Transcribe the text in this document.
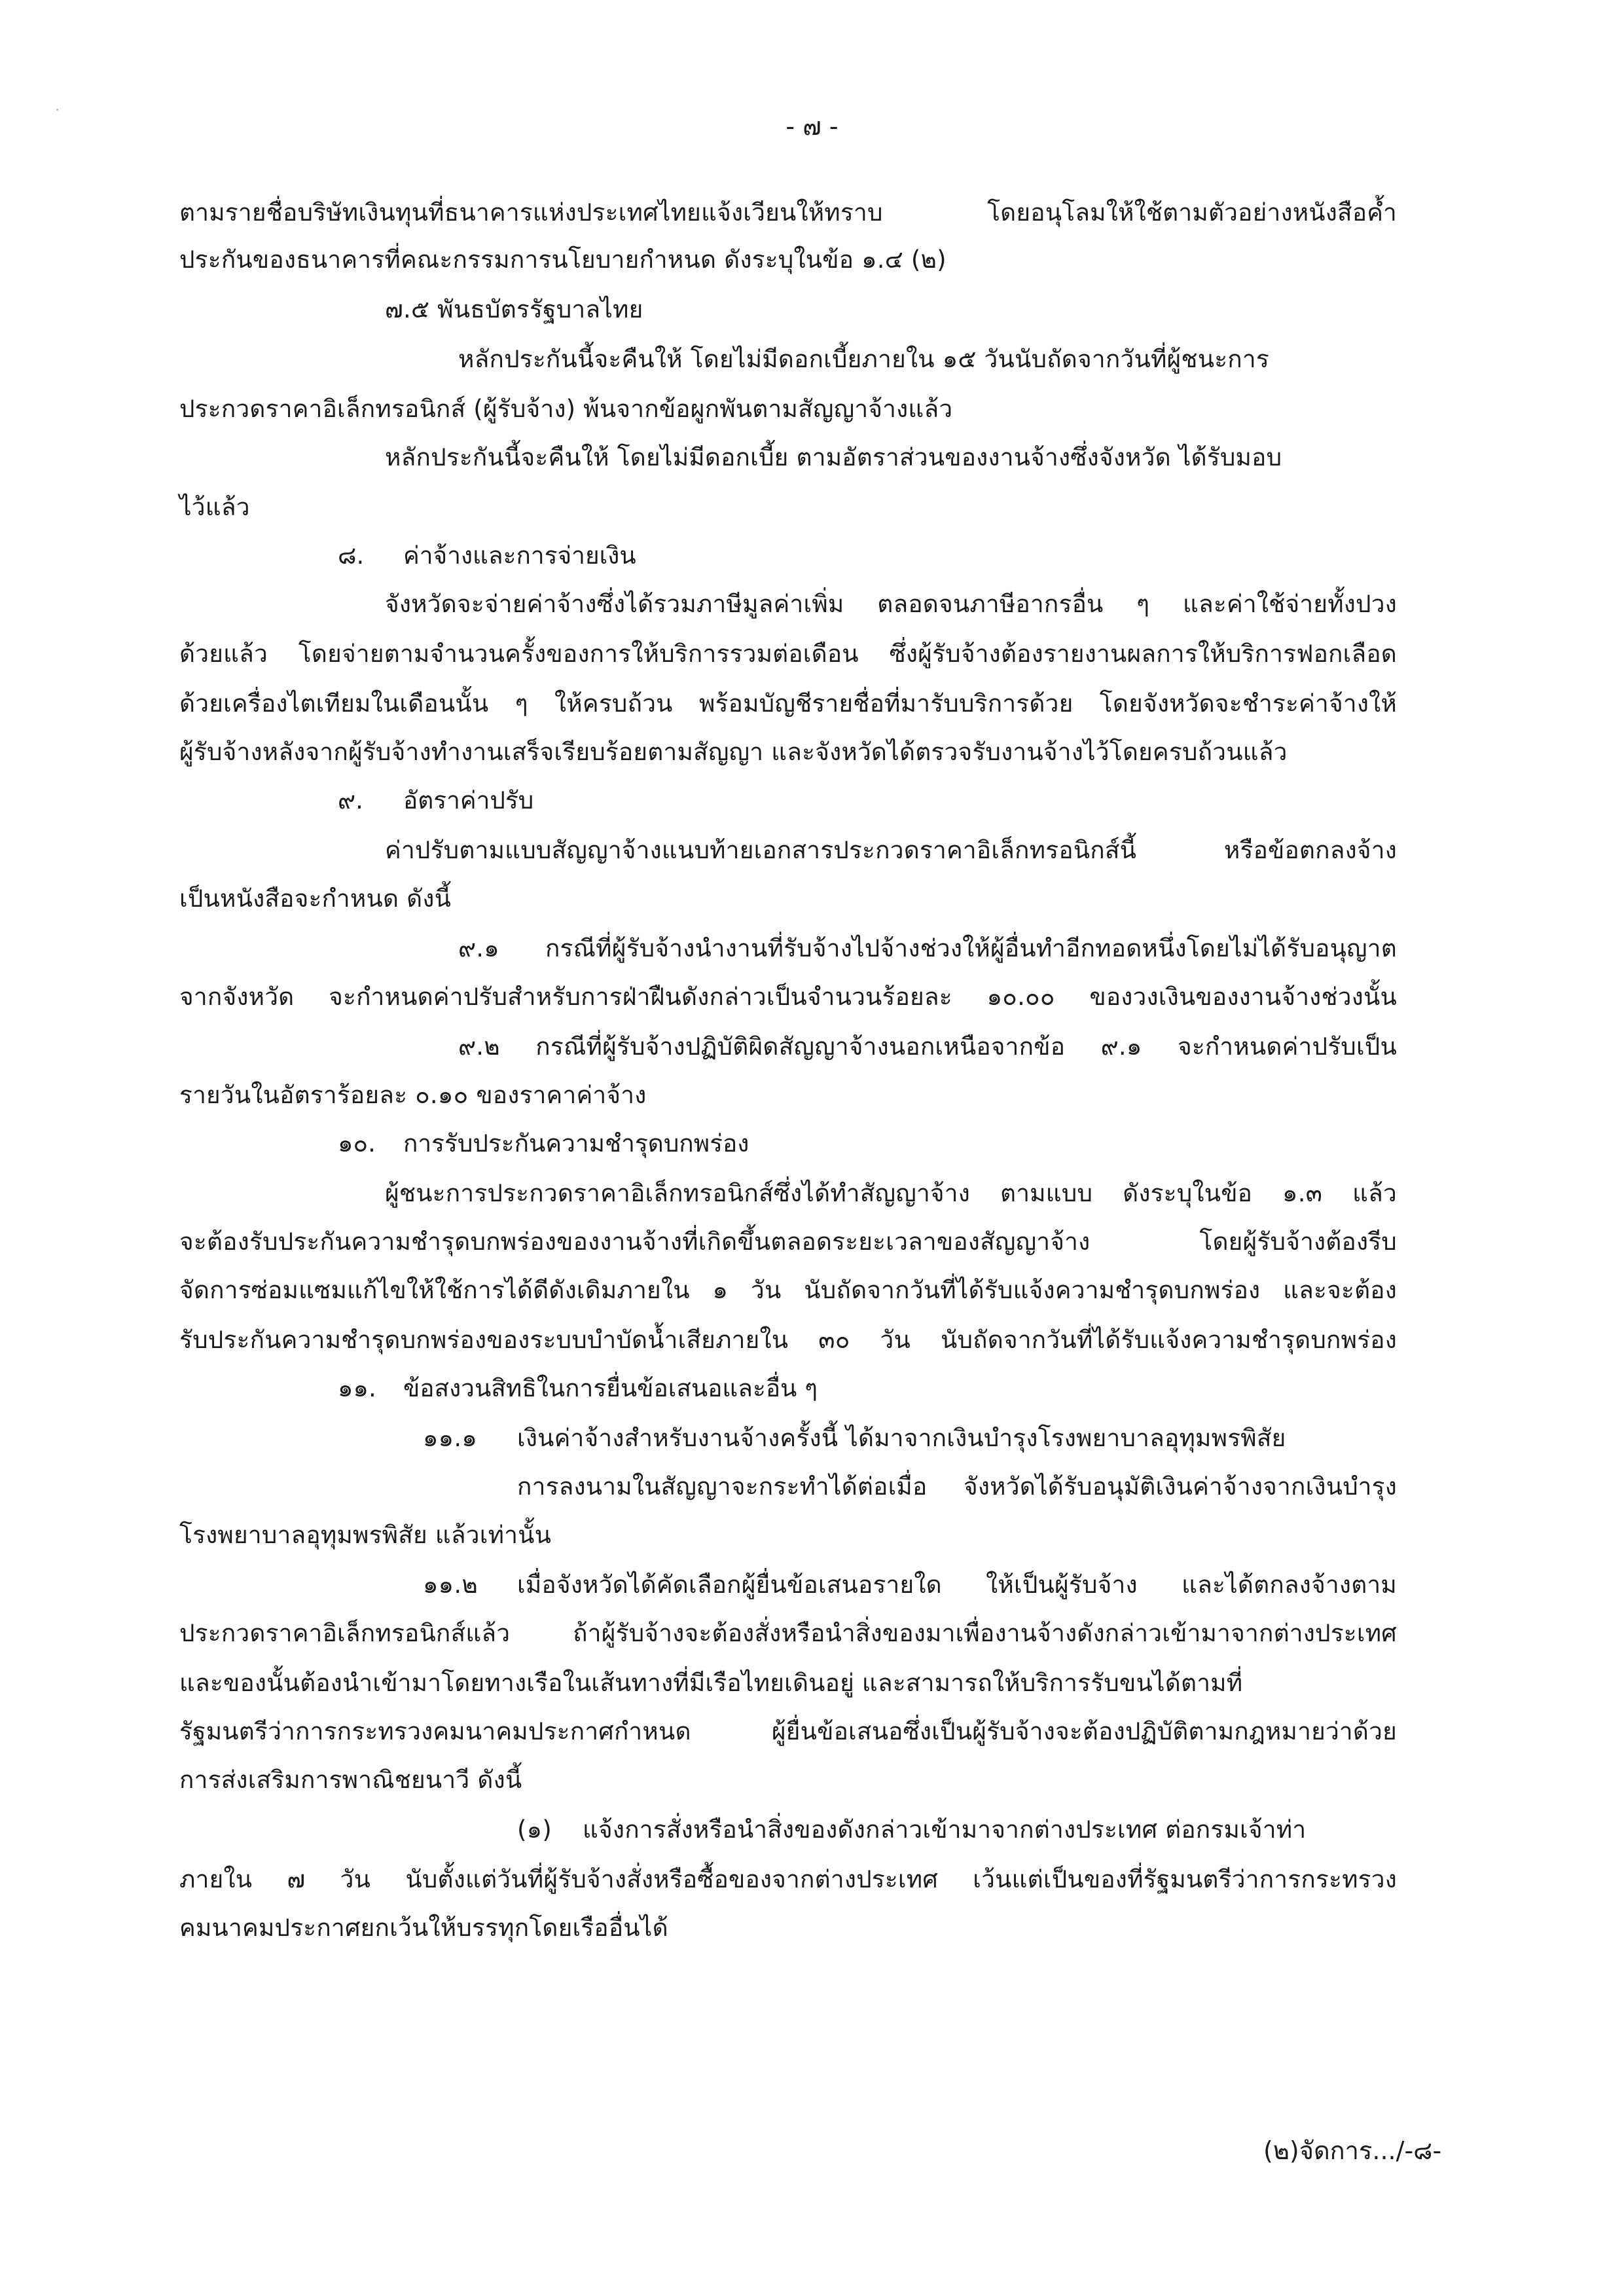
- ๗ -
ตามรายชื่อบริษัทเงินทุนที่ธนาคารแห่งประเทศไทยแจ้งเวียนให้ทราบ โดยอนุโลมให้ใช้ตามตัวอย่างหนังสือค้ำ
ประกันของธนาคารที่คณะกรรมการนโยบายกำหนด ดังระบุในข้อ ๑.๔ (๒)
๗.๕ พันธบัตรรัฐบาลไทย
หลักประกันนี้จะคืนให้ โดยไม่มีดอกเบี้ยภายใน ๑๕ วันนับถัดจากวันที่ผู้ชนะการ
ประกวดราคาอิเล็กทรอนิกส์ (ผู้รับจ้าง) พ้นจากข้อผูกพันตามสัญญาจ้างแล้ว
หลักประกันนี้จะคืนให้ โดยไม่มีดอกเบี้ย ตามอัตราส่วนของงานจ้างซึ่งจังหวัด ได้รับมอบ
ไว้แล้ว
๘. ค่าจ้างและการจ่ายเงิน
จังหวัดจะจ่ายค่าจ้างซึ่งได้รวมภาษีมูลค่าเพิ่ม ตลอดจนภาษีอากรอื่น ๆ และค่าใช้จ่ายทั้งปวง
ด้วยแล้ว โดยจ่ายตามจำนวนครั้งของการให้บริการรวมต่อเดือน ซึ่งผู้รับจ้างต้องรายงานผลการให้บริการฟอกเลือด
ด้วยเครื่องไตเทียมในเดือนนั้น ๆ ให้ครบถ้วน พร้อมบัญชีรายชื่อที่มารับบริการด้วย โดยจังหวัดจะชำระค่าจ้างให้
ผู้รับจ้างหลังจากผู้รับจ้างทำงานเสร็จเรียบร้อยตามสัญญา และจังหวัดได้ตรวจรับงานจ้างไว้โดยครบถ้วนแล้ว
๙. อัตราค่าปรับ
ค่าปรับตามแบบสัญญาจ้างแนบท้ายเอกสารประกวดราคาอิเล็กทรอนิกส์นี้ หรือข้อตกลงจ้าง
เป็นหนังสือจะกำหนด ดังนี้
๙.๑ กรณีที่ผู้รับจ้างนำงานที่รับจ้างไปจ้างช่วงให้ผู้อื่นทำอีกทอดหนึ่งโดยไม่ได้รับอนุญาต
จากจังหวัด จะกำหนดค่าปรับสำหรับการฝ่าฝืนดังกล่าวเป็นจำนวนร้อยละ ๑๐.๐๐ ของวงเงินของงานจ้างช่วงนั้น
๙.๒ กรณีที่ผู้รับจ้างปฏิบัติผิดสัญญาจ้างนอกเหนือจากข้อ ๙.๑ จะกำหนดค่าปรับเป็น
รายวันในอัตราร้อยละ ๐.๑๐ ของราคาค่าจ้าง
๑๐. การรับประกันความชำรุดบกพร่อง
ผู้ชนะการประกวดราคาอิเล็กทรอนิกส์ซึ่งได้ทำสัญญาจ้าง ตามแบบ ดังระบุในข้อ ๑.๓ แล้ว
จะต้องรับประกันความชำรุดบกพร่องของงานจ้างที่เกิดขึ้นตลอดระยะเวลาของสัญญาจ้าง โดยผู้รับจ้างต้องรีบ
จัดการซ่อมแซมแก้ไขให้ใช้การได้ดีดังเดิมภายใน ๑ วัน นับถัดจากวันที่ได้รับแจ้งความชำรุดบกพร่อง และจะต้อง
รับประกันความชำรุดบกพร่องของระบบบำบัดน้ำเสียภายใน ๓๐ วัน นับถัดจากวันที่ได้รับแจ้งความชำรุดบกพร่อง
๑๑. ข้อสงวนสิทธิในการยื่นข้อเสนอและอื่น ๆ
๑๑.๑ เงินค่าจ้างสำหรับงานจ้างครั้งนี้ ได้มาจากเงินบำรุงโรงพยาบาลอุทุมพรพิสัย
การลงนามในสัญญาจะกระทำได้ต่อเมื่อ จังหวัดได้รับอนุมัติเงินค่าจ้างจากเงินบำรุง
โรงพยาบาลอุทุมพรพิสัย แล้วเท่านั้น
๑๑.๒ เมื่อจังหวัดได้คัดเลือกผู้ยื่นข้อเสนอรายใด ให้เป็นผู้รับจ้าง และได้ตกลงจ้างตาม
ประกวดราคาอิเล็กทรอนิกส์แล้ว ถ้าผู้รับจ้างจะต้องสั่งหรือนำสิ่งของมาเพื่องานจ้างดังกล่าวเข้ามาจากต่างประเทศ
และของนั้นต้องนำเข้ามาโดยทางเรือในเส้นทางที่มีเรือไทยเดินอยู่ และสามารถให้บริการรับขนได้ตามที่
รัฐมนตรีว่าการกระทรวงคมนาคมประกาศกำหนด ผู้ยื่นข้อเสนอซึ่งเป็นผู้รับจ้างจะต้องปฏิบัติตามกฎหมายว่าด้วย
การส่งเสริมการพาณิชยนาวี ดังนี้
(๑) แจ้งการสั่งหรือนำสิ่งของดังกล่าวเข้ามาจากต่างประเทศ ต่อกรมเจ้าท่า
ภายใน ๗ วัน นับตั้งแต่วันที่ผู้รับจ้างสั่งหรือซื้อของจากต่างประเทศ เว้นแต่เป็นของที่รัฐมนตรีว่าการกระทรวง
คมนาคมประกาศยกเว้นให้บรรทุกโดยเรืออื่นได้
(๒)จัดการ.../-๘-
